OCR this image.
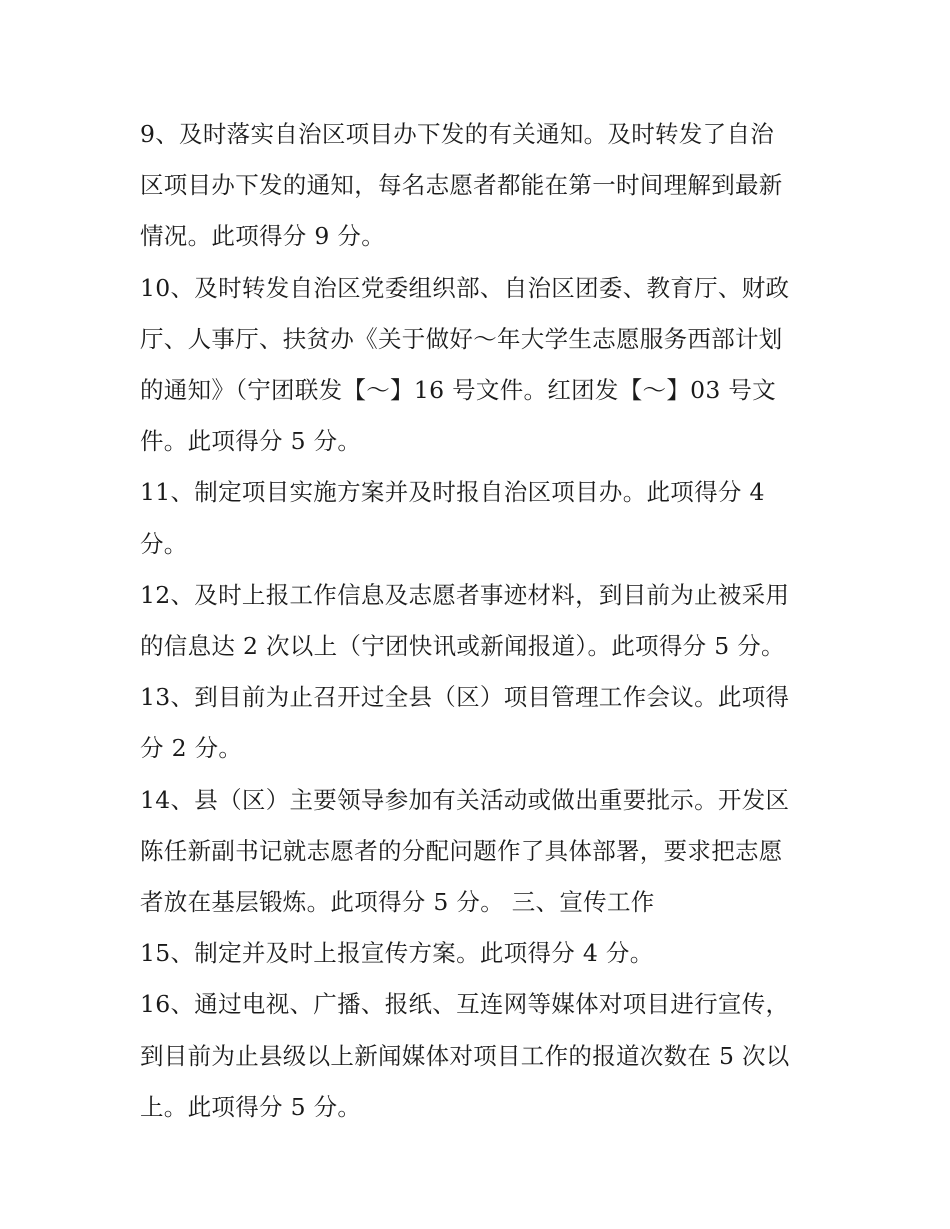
9、及时落实自治区项目办下发的有关通知。及时转发了自治
区项目办下发的通知，每名志愿者都能在第一时间理解到最新
情况。此项得分 9 分。

10、及时转发自治区党委组织部、自治区团委、教育厅、财政
厅、人事厅、扶贫办《关于做好～年大学生志愿服务西部计划
的通知》（宁团联发【～】16 号文件。红团发【～】03 号文
件。此项得分 5 分。

11、制定项目实施方案并及时报自治区项目办。此项得分 4
分。

12、及时上报工作信息及志愿者事迹材料，到目前为止被采用
的信息达 2 次以上（宁团快讯或新闻报道）。此项得分 5 分。

13、到目前为止召开过全县（区）项目管理工作会议。此项得
分 2 分。

14、县（区）主要领导参加有关活动或做出重要批示。开发区
陈任新副书记就志愿者的分配问题作了具体部署，要求把志愿
者放在基层锻炼。此项得分 5 分。 三、宣传工作

15、制定并及时上报宣传方案。此项得分 4 分。

16、通过电视、广播、报纸、互连网等媒体对项目进行宣传，
到目前为止县级以上新闻媒体对项目工作的报道次数在 5 次以
上。此项得分 5 分。
